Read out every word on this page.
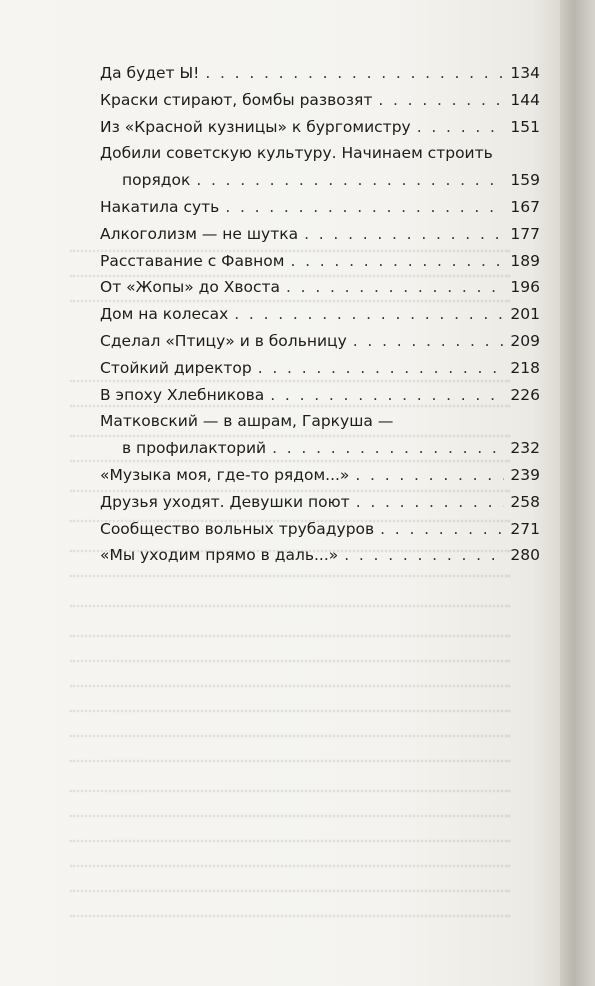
Да будет Ы! . . .	134
Краски стирают, бомбы развозят . . .	144
Из «Красной кузницы» к бургомистру . . .	151
Добили советскую культуру. Начинаем строить
порядок . . .	159
Накатила суть . . .	167
Алкоголизм — не шутка . . .	177
Расставание с Фавном . . .	189
От «Жопы» до Хвоста . . .	196
Дом на колесах . . .	201
Сделал «Птицу» и в больницу . . .	209
Стойкий директор . . .	218
В эпоху Хлебникова . . .	226
Матковский — в ашрам, Гаркуша —
в профилакторий . . .	232
«Музыка моя, где-то рядом...» . . .	239
Друзья уходят. Девушки поют . . .	258
Сообщество вольных трубадуров . . .	271
«Мы уходим прямо в даль...» . . .	280
